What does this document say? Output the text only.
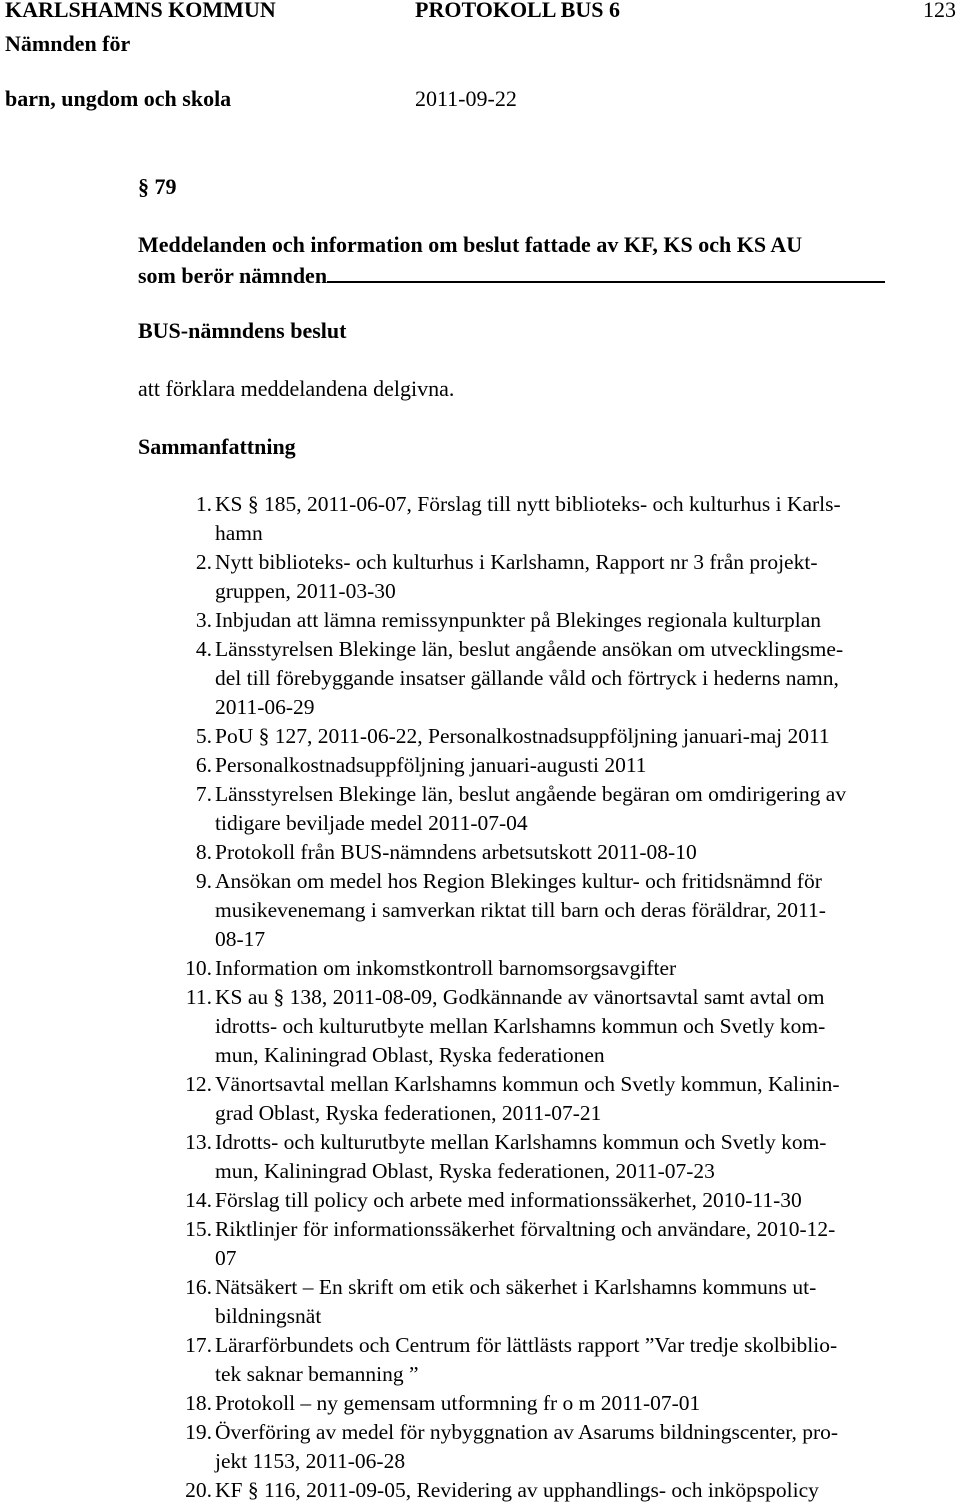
KARLSHAMNS KOMMUN	PROTOKOLL BUS 6	123
Nämnden för
barn, ungdom och skola	2011-09-22
§ 79
Meddelanden och information om beslut fattade av KF, KS och KS AU
som berör nämnden
BUS-nämndens beslut
att förklara meddelandena delgivna.
Sammanfattning
1. KS § 185, 2011-06-07, Förslag till nytt biblioteks- och kulturhus i Karls-
hamn
2. Nytt biblioteks- och kulturhus i Karlshamn, Rapport nr 3 från projekt-
gruppen, 2011-03-30
3. Inbjudan att lämna remissynpunkter på Blekinges regionala kulturplan
4. Länsstyrelsen Blekinge län, beslut angående ansökan om utvecklingsme-
del till förebyggande insatser gällande våld och förtryck i hederns namn,
2011-06-29
5. PoU § 127, 2011-06-22, Personalkostnadsuppföljning januari-maj 2011
6. Personalkostnadsuppföljning januari-augusti 2011
7. Länsstyrelsen Blekinge län, beslut angående begäran om omdirigering av
tidigare beviljade medel 2011-07-04
8. Protokoll från BUS-nämndens arbetsutskott 2011-08-10
9. Ansökan om medel hos Region Blekinges kultur- och fritidsnämnd för
musikevenemang i samverkan riktat till barn och deras föräldrar, 2011-
08-17
10. Information om inkomstkontroll barnomsorgsavgifter
11. KS au § 138, 2011-08-09, Godkännande av vänortsavtal samt avtal om
idrotts- och kulturutbyte mellan Karlshamns kommun och Svetly kom-
mun, Kaliningrad Oblast, Ryska federationen
12. Vänortsavtal mellan Karlshamns kommun och Svetly kommun, Kalinin-
grad Oblast, Ryska federationen, 2011-07-21
13. Idrotts- och kulturutbyte mellan Karlshamns kommun och Svetly kom-
mun, Kaliningrad Oblast, Ryska federationen, 2011-07-23
14. Förslag till policy och arbete med informationssäkerhet, 2010-11-30
15. Riktlinjer för informationssäkerhet förvaltning och användare, 2010-12-
07
16. Nätsäkert – En skrift om etik och säkerhet i Karlshamns kommuns ut-
bildningsnät
17. Lärarförbundets och Centrum för lättlästs rapport ”Var tredje skolbiblio-
tek saknar bemanning ”
18. Protokoll – ny gemensam utformning fr o m 2011-07-01
19. Överföring av medel för nybyggnation av Asarums bildningscenter, pro-
jekt 1153, 2011-06-28
20. KF § 116, 2011-09-05, Revidering av upphandlings- och inköpspolicy
